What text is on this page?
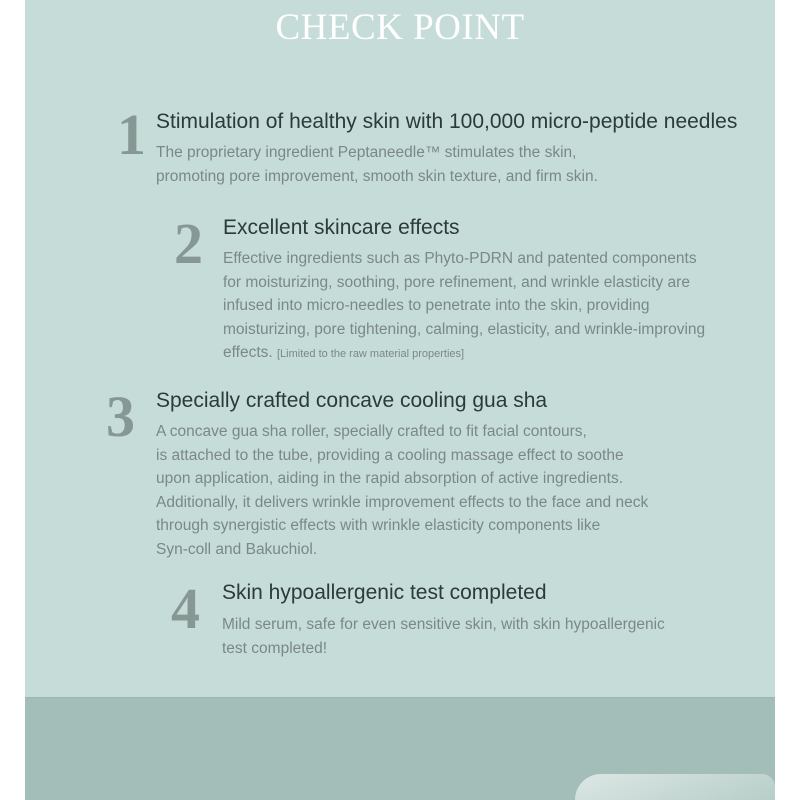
CHECK POINT
1 Stimulation of healthy skin with 100,000 micro-peptide needles
The proprietary ingredient Peptaneedle™ stimulates the skin,
promoting pore improvement, smooth skin texture, and firm skin.
2 Excellent skincare effects
Effective ingredients such as Phyto-PDRN and patented components
for moisturizing, soothing, pore refinement, and wrinkle elasticity are
infused into micro-needles to penetrate into the skin, providing
moisturizing, pore tightening, calming, elasticity, and wrinkle-improving
effects. [Limited to the raw material properties]
3 Specially crafted concave cooling gua sha
A concave gua sha roller, specially crafted to fit facial contours,
is attached to the tube, providing a cooling massage effect to soothe
upon application, aiding in the rapid absorption of active ingredients.
Additionally, it delivers wrinkle improvement effects to the face and neck
through synergistic effects with wrinkle elasticity components like
Syn-coll and Bakuchiol.
4 Skin hypoallergenic test completed
Mild serum, safe for even sensitive skin, with skin hypoallergenic
test completed!
